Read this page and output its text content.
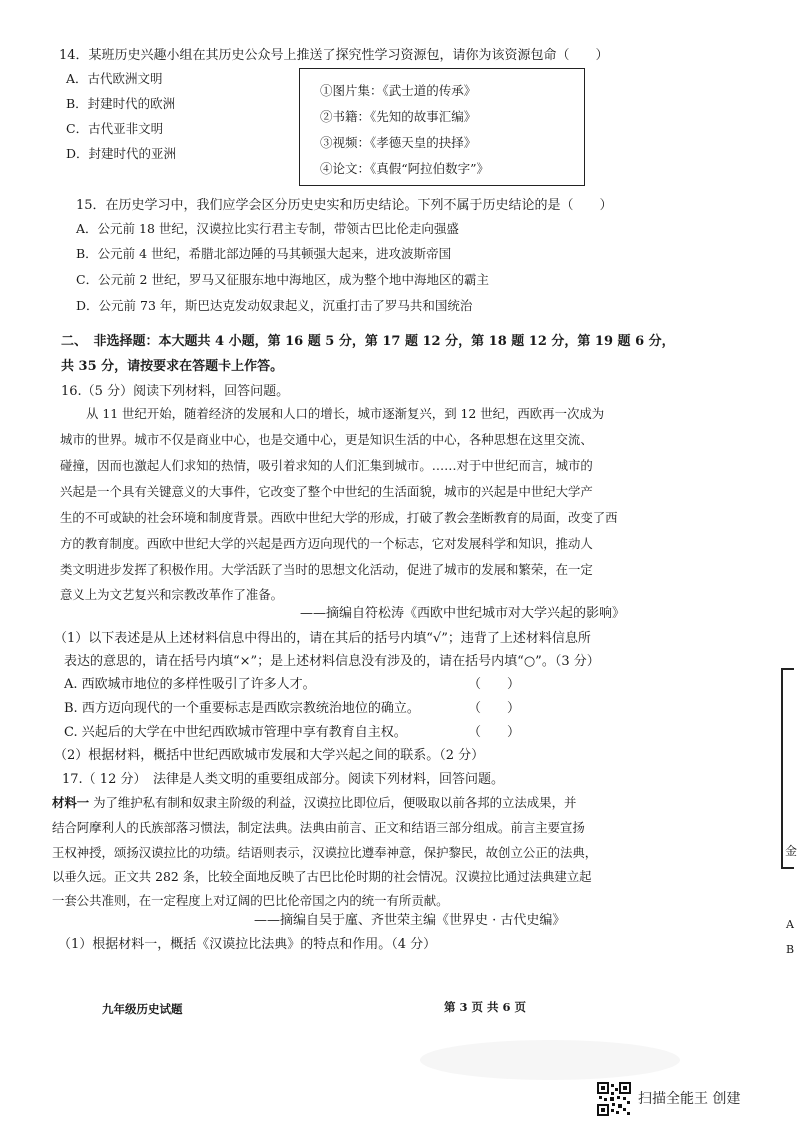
14．某班历史兴趣小组在其历史公众号上推送了探究性学习资源包，请你为该资源包命（　　）
A．古代欧洲文明
B．封建时代的欧洲
C．古代亚非文明
D．封建时代的亚洲
①图片集：《武士道的传承》
②书籍：《先知的故事汇编》
③视频：《孝德天皇的抉择》
④论文：《真假“阿拉伯数字”》
15．在历史学习中，我们应学会区分历史史实和历史结论。下列不属于历史结论的是（　　）
A．公元前 18 世纪，汉谟拉比实行君主专制，带领古巴比伦走向强盛
B．公元前 4 世纪，希腊北部边陲的马其顿强大起来，进攻波斯帝国
C．公元前 2 世纪，罗马又征服东地中海地区，成为整个地中海地区的霸主
D．公元前 73 年，斯巴达克发动奴隶起义，沉重打击了罗马共和国统治
二、　非选择题：本大题共 4 小题，第 16 题 5 分，第 17 题 12 分，第 18 题 12 分，第 19 题 6 分，
共 35 分，请按要求在答题卡上作答。
16.（5 分）阅读下列材料，回答问题。
从 11 世纪开始，随着经济的发展和人口的增长，城市逐渐复兴，到 12 世纪，西欧再一次成为
城市的世界。城市不仅是商业中心，也是交通中心，更是知识生活的中心，各种思想在这里交流、
碰撞，因而也激起人们求知的热情，吸引着求知的人们汇集到城市。……对于中世纪而言，城市的
兴起是一个具有关键意义的大事件，它改变了整个中世纪的生活面貌，城市的兴起是中世纪大学产
生的不可或缺的社会环境和制度背景。西欧中世纪大学的形成，打破了教会垄断教育的局面，改变了西
方的教育制度。西欧中世纪大学的兴起是西方迈向现代的一个标志，它对发展科学和知识，推动人
类文明进步发挥了积极作用。大学活跃了当时的思想文化活动，促进了城市的发展和繁荣，在一定
意义上为文艺复兴和宗教改革作了准备。
——摘编自符松涛《西欧中世纪城市对大学兴起的影响》
（1）以下表述是从上述材料信息中得出的，请在其后的括号内填“√”；违背了上述材料信息所
表达的意思的，请在括号内填“×”；是上述材料信息没有涉及的，请在括号内填“○”。（3 分）
A. 西欧城市地位的多样性吸引了许多人才。	（　　）
B. 西方迈向现代的一个重要标志是西欧宗教统治地位的确立。	（　　）
C. 兴起后的大学在中世纪西欧城市管理中享有教育自主权。	（　　）
（2）根据材料，概括中世纪西欧城市发展和大学兴起之间的联系。（2 分）
17.（ 12 分）　法律是人类文明的重要组成部分。阅读下列材料，回答问题。
材料一 为了维护私有制和奴隶主阶级的利益，汉谟拉比即位后，便吸取以前各邦的立法成果，并
结合阿摩利人的氏族部落习惯法，制定法典。法典由前言、正文和结语三部分组成。前言主要宣扬
王权神授，颂扬汉谟拉比的功绩。结语则表示，汉谟拉比遵奉神意，保护黎民，故创立公正的法典，
以垂久远。正文共 282 条，比较全面地反映了古巴比伦时期的社会情况。汉谟拉比通过法典建立起
一套公共准则，在一定程度上对辽阔的巴比伦帝国之内的统一有所贡献。
——摘编自吴于廑、齐世荣主编《世界史 · 古代史编》
（1）根据材料一，概括《汉谟拉比法典》的特点和作用。（4 分）
九年级历史试题	第 3 页 共 6 页
金
A
B
扫描全能王 创建
